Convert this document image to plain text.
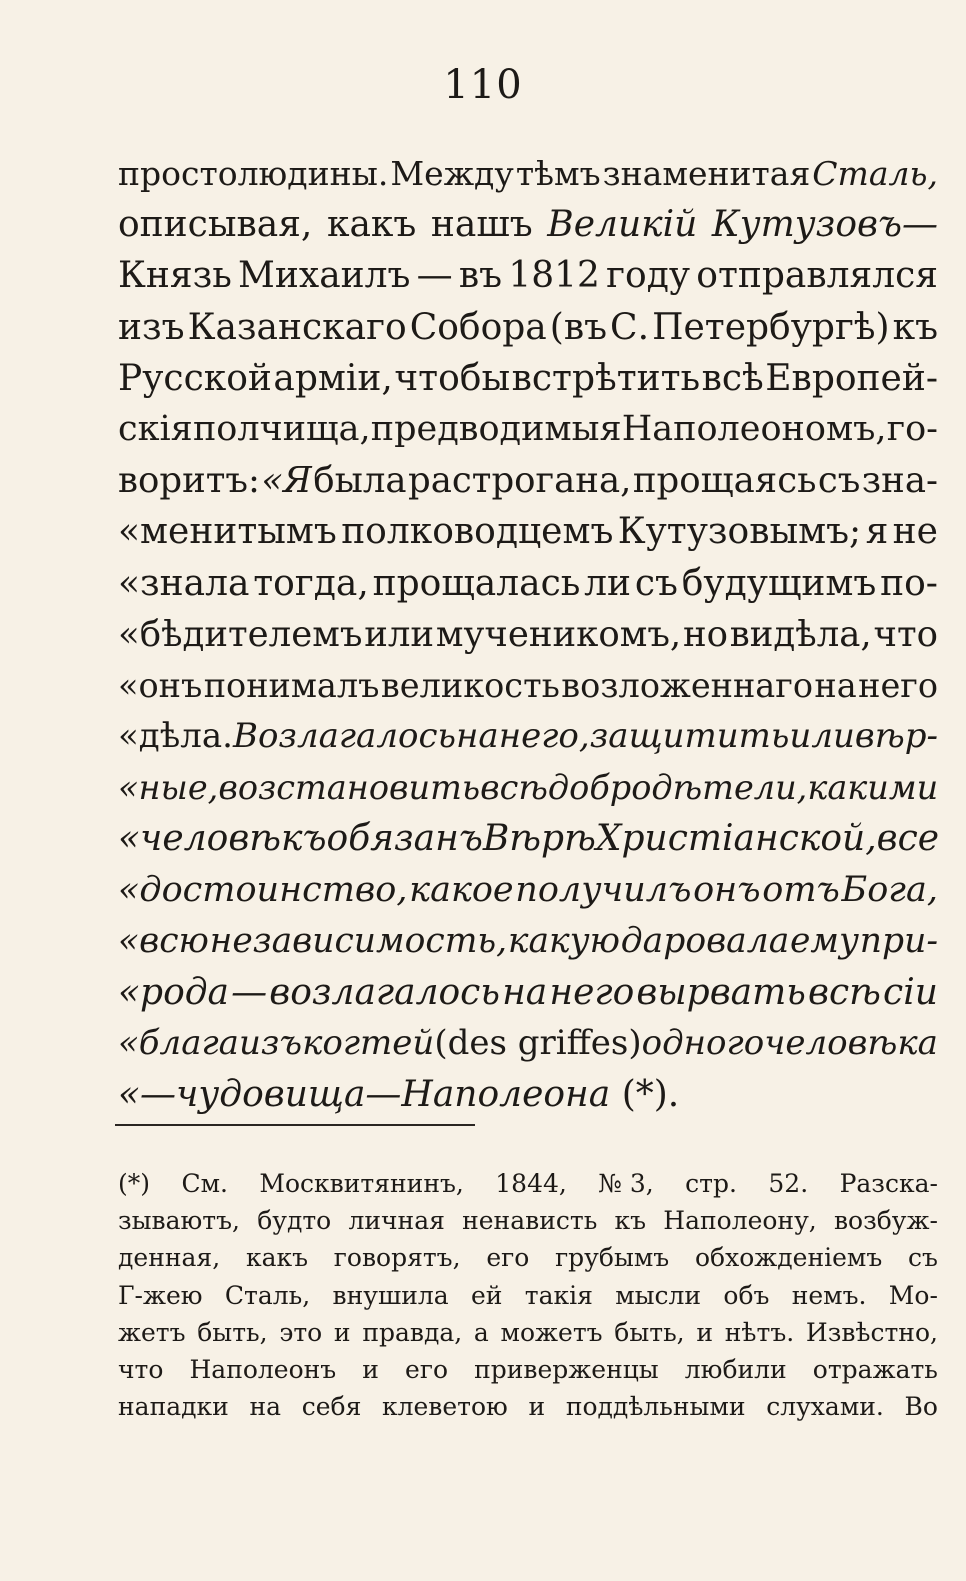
110
простолюдины. Между тѣмъ знаменитая Сталь,
описывая, какъ нашъ Великій Кутузовъ—
Князь Михаилъ — въ 1812 году отправлялся
изъ Казанскаго Собора (въ С. Петербургѣ) къ
Русской арміи, чтобы встрѣтить всѣ Европей-
скія полчища, предводимыя Наполеономъ, го-
воритъ: «Я была растрогана, прощаясь съ зна-
«менитымъ полководцемъ Кутузовымъ; я не
«знала тогда, прощалась ли съ будущимъ по-
«бѣдителемъ или мученикомъ, но видѣла, что
«онъ понималъ великость возложеннаго на него
«дѣла. Возлагалось на него, защитить или вѣр-
«ные, возстановить всѣ добродѣтели, какими
«человѣкъ обязанъ Вѣрѣ Христіанской, все
«достоинство, какое получилъ онъ отъ Бога,
«всю независимость, какую даровала ему при-
«рода — возлагалось на него вырвать всѣ сіи
«блага изъ когтей (des griffes) одного человѣка
«—чудовища—Наполеона (*).
(*) См. Москвитянинъ, 1844, № 3, стр. 52. Разска-
зываютъ, будто личная ненависть къ Наполеону, возбуж-
денная, какъ говорятъ, его грубымъ обхожденіемъ съ
Г-жею Сталь, внушила ей такія мысли объ немъ. Мо-
жетъ быть, это и правда, а можетъ быть, и нѣтъ. Извѣстно,
что Наполеонъ и его приверженцы любили отражать
нападки на себя клеветою и поддѣльными слухами. Во
